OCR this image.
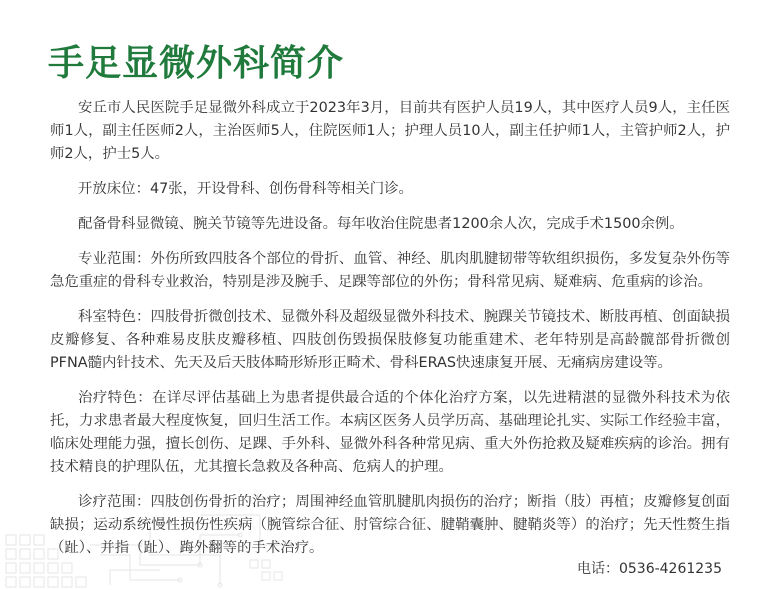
手足显微外科简介

安丘市人民医院手足显微外科成立于2023年3月，目前共有医护人员19人，其中医疗人员9人，主任医师1人，副主任医师2人，主治医师5人，住院医师1人；护理人员10人，副主任护师1人，主管护师2人，护师2人，护士5人。

开放床位：47张，开设骨科、创伤骨科等相关门诊。

配备骨科显微镜、腕关节镜等先进设备。每年收治住院患者1200余人次，完成手术1500余例。

专业范围：外伤所致四肢各个部位的骨折、血管、神经、肌肉肌腱韧带等软组织损伤，多发复杂外伤等急危重症的骨科专业救治，特别是涉及腕手、足踝等部位的外伤；骨科常见病、疑难病、危重病的诊治。

科室特色：四肢骨折微创技术、显微外科及超级显微外科技术、腕踝关节镜技术、断肢再植、创面缺损皮瓣修复、各种难易皮肤皮瓣移植、四肢创伤毁损保肢修复功能重建术、老年特别是高龄髋部骨折微创PFNA髓内针技术、先天及后天肢体畸形矫形正畸术、骨科ERAS快速康复开展、无痛病房建设等。

治疗特色：在详尽评估基础上为患者提供最合适的个体化治疗方案，以先进精湛的显微外科技术为依托，力求患者最大程度恢复，回归生活工作。本病区医务人员学历高、基础理论扎实、实际工作经验丰富，临床处理能力强，擅长创伤、足踝、手外科、显微外科各种常见病、重大外伤抢救及疑难疾病的诊治。拥有技术精良的护理队伍，尤其擅长急救及各种高、危病人的护理。

诊疗范围：四肢创伤骨折的治疗；周围神经血管肌腱肌肉损伤的治疗；断指（肢）再植；皮瓣修复创面缺损；运动系统慢性损伤性疾病（腕管综合征、肘管综合征、腱鞘囊肿、腱鞘炎等）的治疗；先天性赘生指（趾）、并指（趾）、踇外翻等的手术治疗。

电话：0536-4261235
